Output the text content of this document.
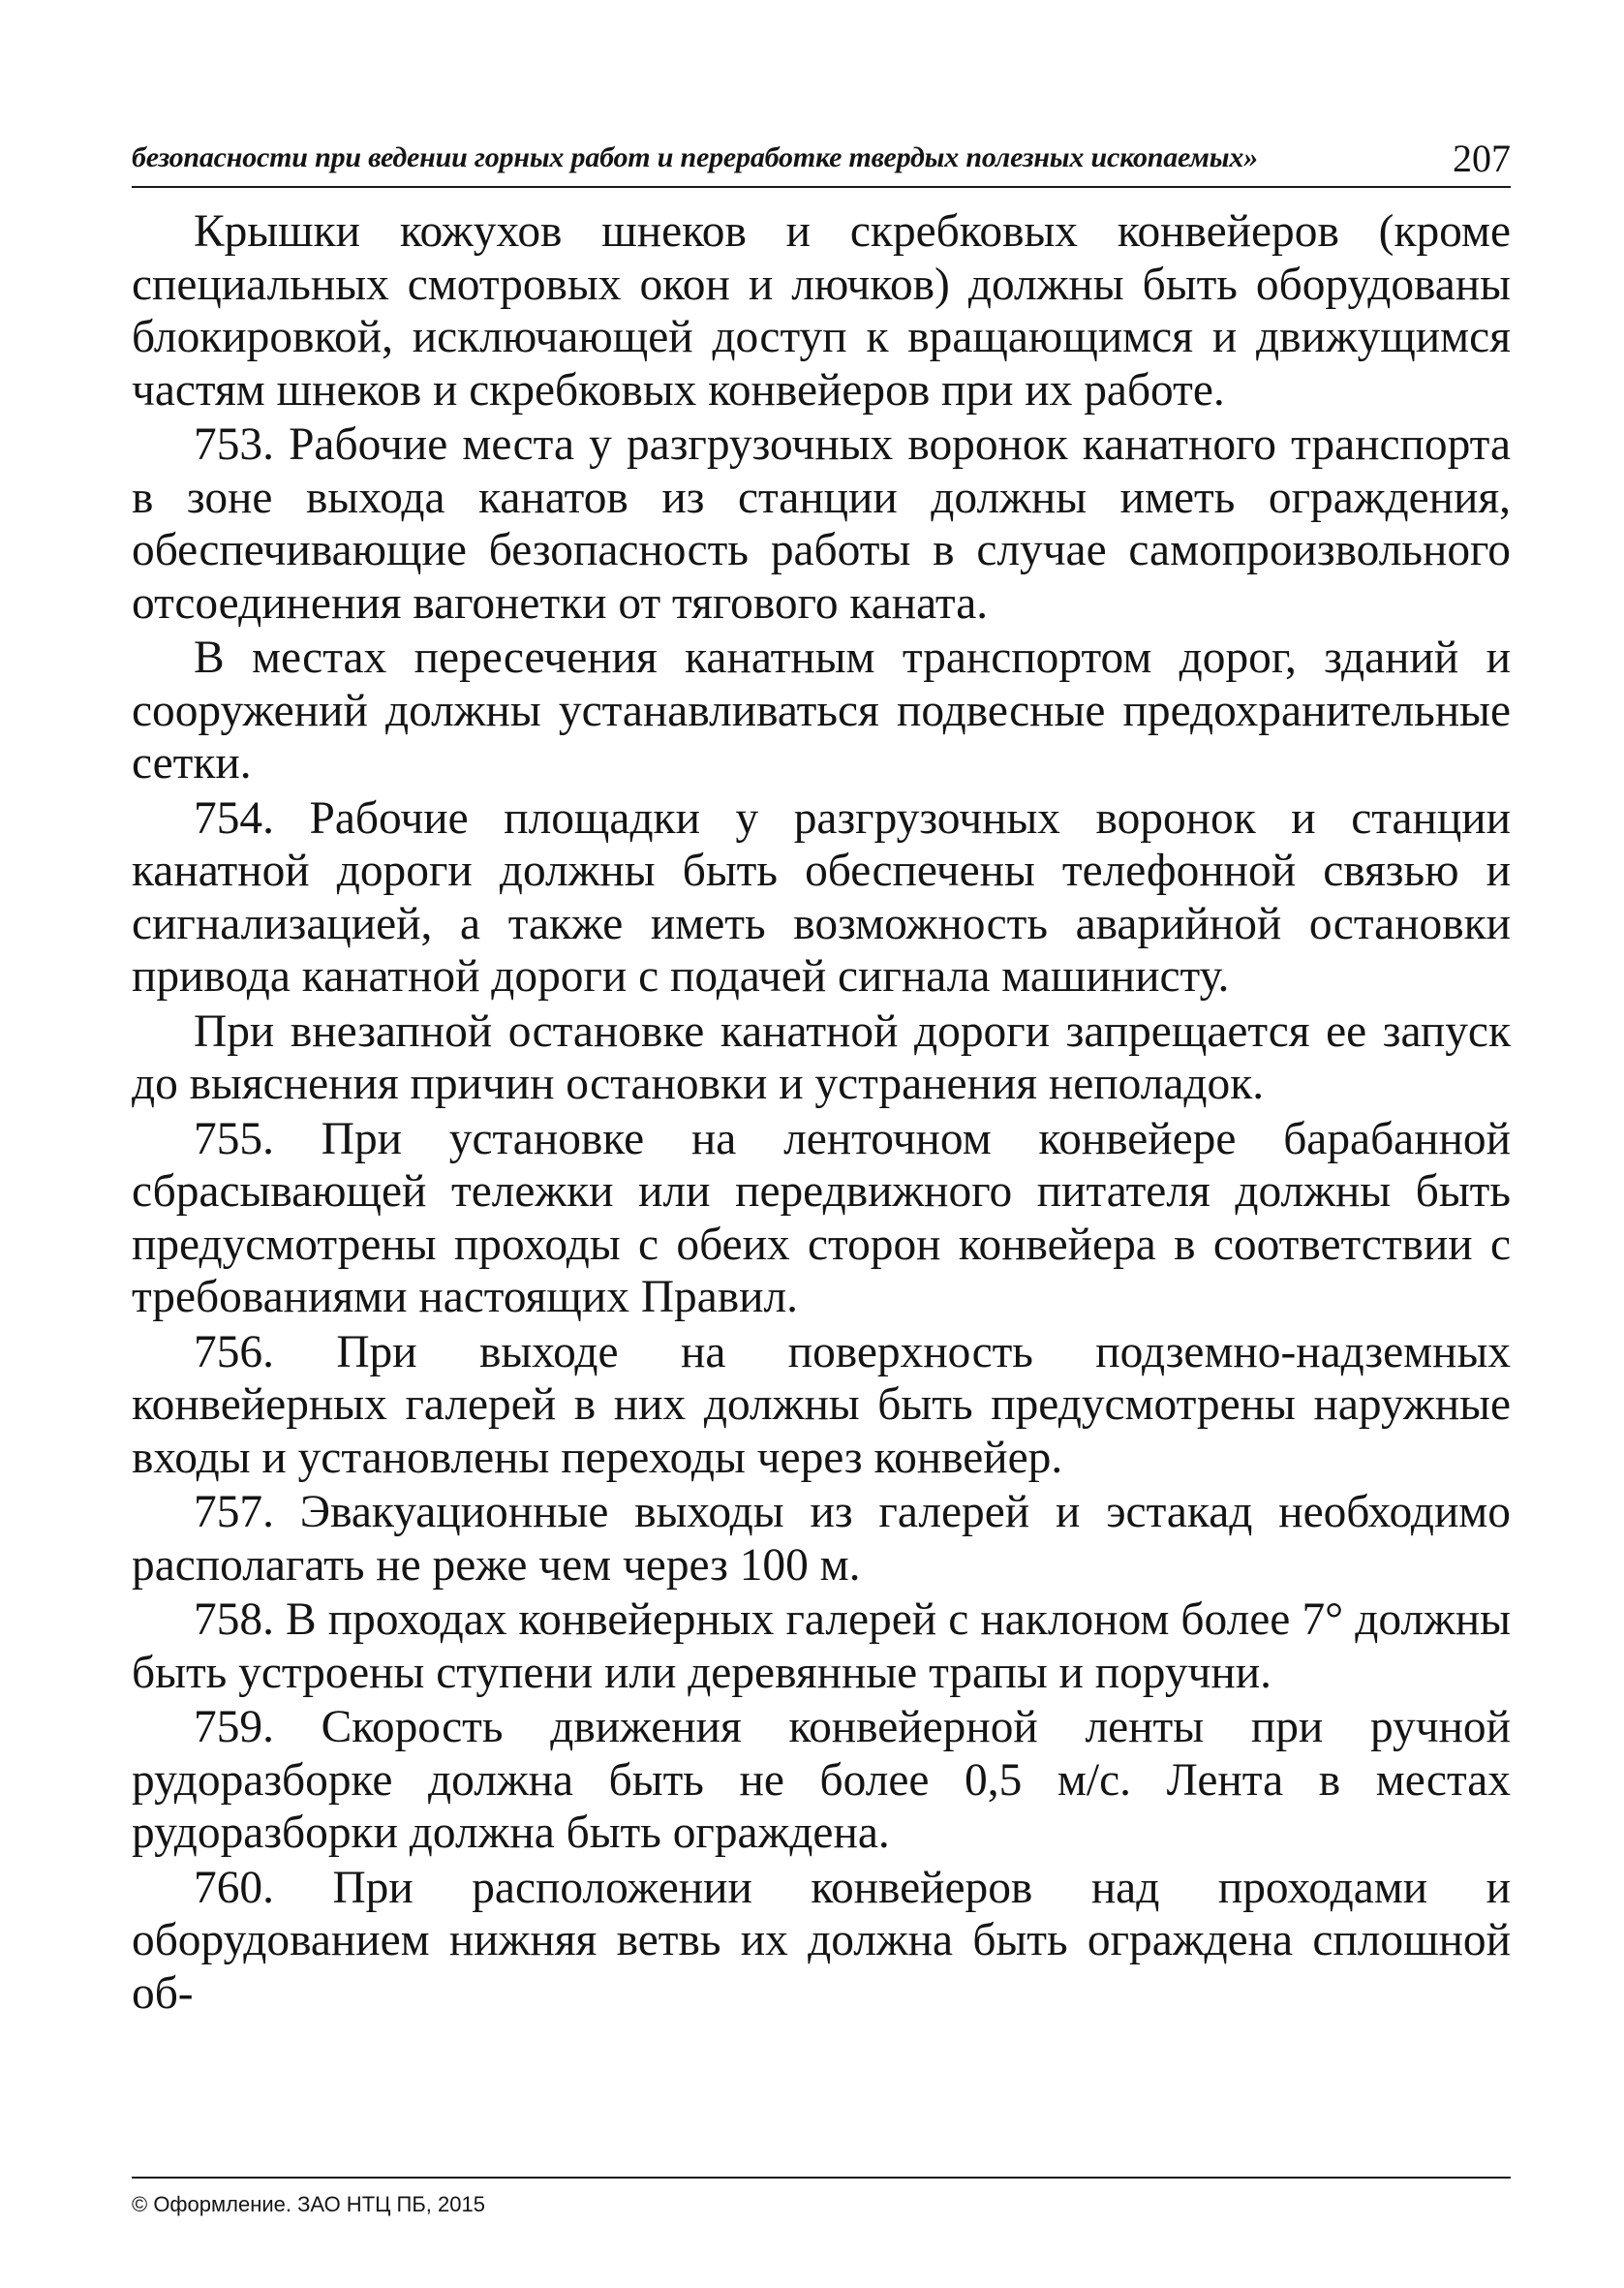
безопасности при ведении горных работ и переработке твердых полезных ископаемых»	207

Крышки кожухов шнеков и скребковых конвейеров (кроме специальных смотровых окон и лючков) должны быть оборудованы блокировкой, исключающей доступ к вращающимся и движущимся частям шнеков и скребковых конвейеров при их работе.

753. Рабочие места у разгрузочных воронок канатного транспорта в зоне выхода канатов из станции должны иметь ограждения, обеспечивающие безопасность работы в случае самопроизвольного отсоединения вагонетки от тягового каната.

В местах пересечения канатным транспортом дорог, зданий и сооружений должны устанавливаться подвесные предохранительные сетки.

754. Рабочие площадки у разгрузочных воронок и станции канатной дороги должны быть обеспечены телефонной связью и сигнализацией, а также иметь возможность аварийной остановки привода канатной дороги с подачей сигнала машинисту.

При внезапной остановке канатной дороги запрещается ее запуск до выяснения причин остановки и устранения неполадок.

755. При установке на ленточном конвейере барабанной сбрасывающей тележки или передвижного питателя должны быть предусмотрены проходы с обеих сторон конвейера в соответствии с требованиями настоящих Правил.

756. При выходе на поверхность подземно-надземных конвейерных галерей в них должны быть предусмотрены наружные входы и установлены переходы через конвейер.

757. Эвакуационные выходы из галерей и эстакад необходимо располагать не реже чем через 100 м.

758. В проходах конвейерных галерей с наклоном более 7° должны быть устроены ступени или деревянные трапы и поручни.

759. Скорость движения конвейерной ленты при ручной рудоразборке должна быть не более 0,5 м/с. Лента в местах рудоразборки должна быть ограждена.

760. При расположении конвейеров над проходами и оборудованием нижняя ветвь их должна быть ограждена сплошной об-

© Оформление. ЗАО НТЦ ПБ, 2015
